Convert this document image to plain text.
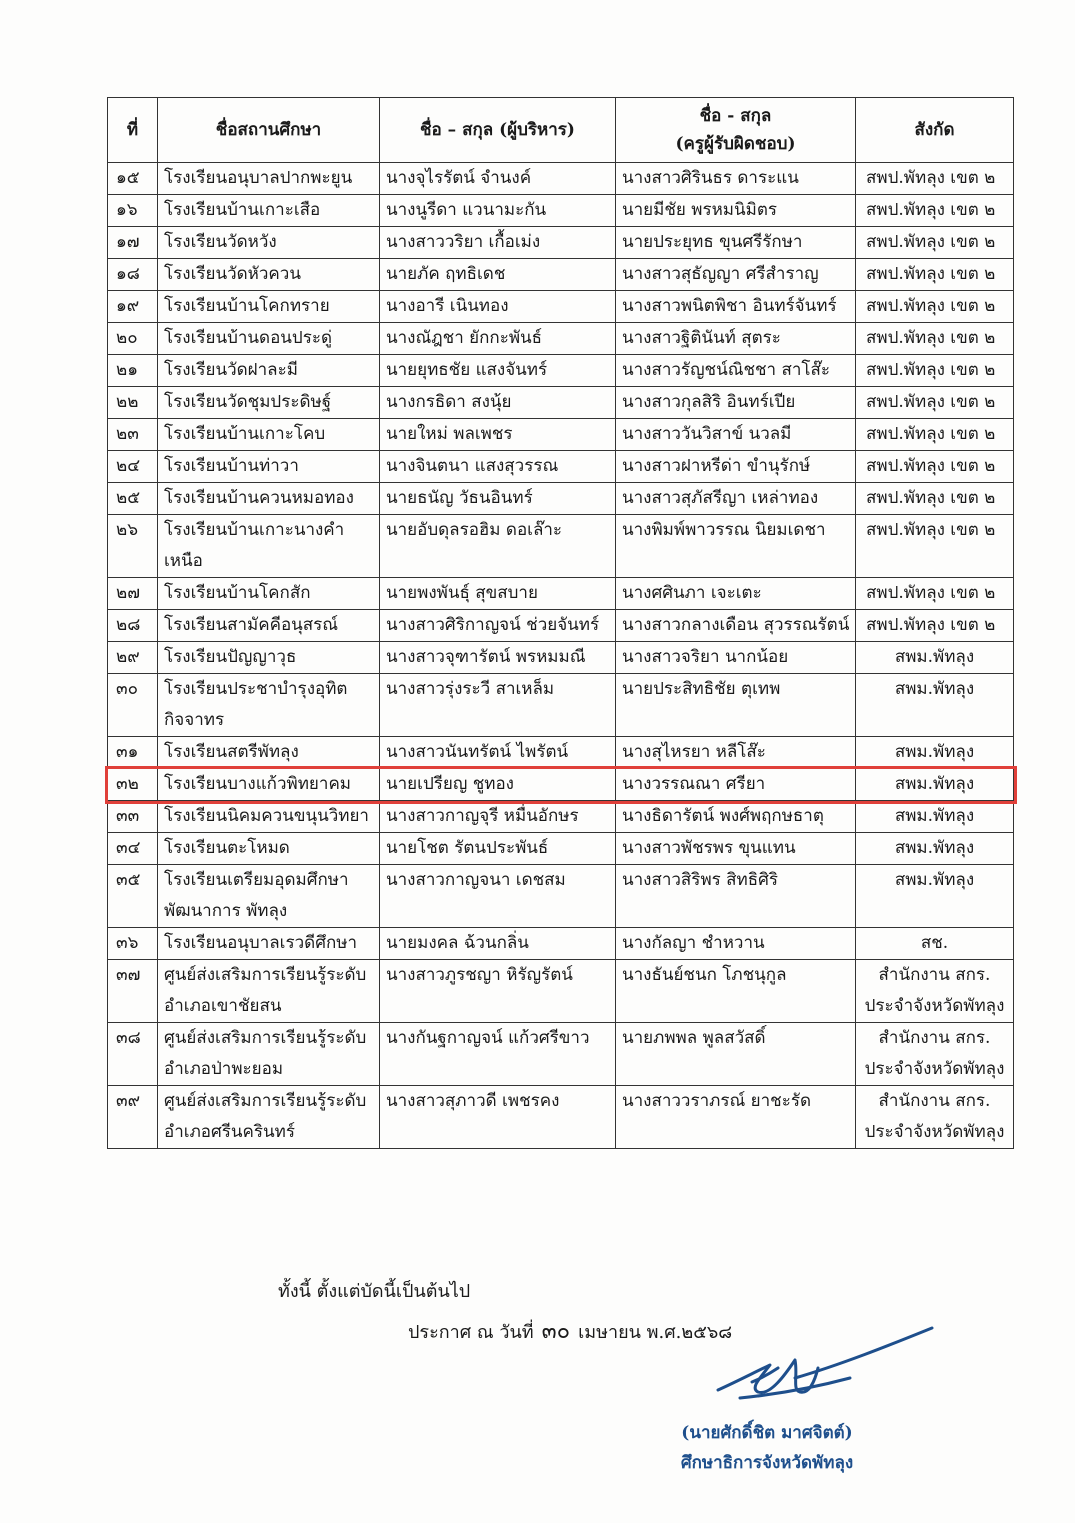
ที่	ชื่อสถานศึกษา	ชื่อ – สกุล (ผู้บริหาร)	ชื่อ - สกุล
(ครูผู้รับผิดชอบ)	สังกัด
๑๕	โรงเรียนอนุบาลปากพะยูน	นางจุไรรัตน์ จำนงค์	นางสาวศิรินธร ดาระแน	สพป.พัทลุง เขต ๒
๑๖	โรงเรียนบ้านเกาะเสือ	นางนูรีดา แวนามะกัน	นายมีชัย พรหมนิมิตร	สพป.พัทลุง เขต ๒
๑๗	โรงเรียนวัดหวัง	นางสาววริยา เกื้อเม่ง	นายประยุทธ ขุนศรีรักษา	สพป.พัทลุง เขต ๒
๑๘	โรงเรียนวัดหัวควน	นายภัค ฤทธิเดช	นางสาวสุธัญญา ศรีสำราญ	สพป.พัทลุง เขต ๒
๑๙	โรงเรียนบ้านโคกทราย	นางอารี เนินทอง	นางสาวพนิตพิชา อินทร์จันทร์	สพป.พัทลุง เขต ๒
๒๐	โรงเรียนบ้านดอนประดู่	นางณัฎชา ยักกะพันธ์	นางสาวฐิตินันท์ สุตระ	สพป.พัทลุง เขต ๒
๒๑	โรงเรียนวัดฝาละมี	นายยุทธชัย แสงจันทร์	นางสาวรัญชน์ณิชชา สาโส๊ะ	สพป.พัทลุง เขต ๒
๒๒	โรงเรียนวัดชุมประดิษฐ์	นางกรธิดา สงนุ้ย	นางสาวกุลสิริ อินทร์เปีย	สพป.พัทลุง เขต ๒
๒๓	โรงเรียนบ้านเกาะโคบ	นายใหม่ พลเพชร	นางสาววันวิสาข์ นวลมี	สพป.พัทลุง เขต ๒
๒๔	โรงเรียนบ้านท่าวา	นางจินตนา แสงสุวรรณ	นางสาวฝาหรีด่า ขำนุรักษ์	สพป.พัทลุง เขต ๒
๒๕	โรงเรียนบ้านควนหมอทอง	นายธนัญ วัธนอินทร์	นางสาวสุภัสรีญา เหล่าทอง	สพป.พัทลุง เขต ๒
๒๖	โรงเรียนบ้านเกาะนางคำเหนือ	นายอับดุลรอฮิม ดอเล๊าะ	นางพิมพ์พาวรรณ นิยมเดชา	สพป.พัทลุง เขต ๒
๒๗	โรงเรียนบ้านโคกสัก	นายพงพันธุ์ สุขสบาย	นางศศินภา เจะเตะ	สพป.พัทลุง เขต ๒
๒๘	โรงเรียนสามัคคีอนุสรณ์	นางสาวศิริกาญจน์ ช่วยจันทร์	นางสาวกลางเดือน สุวรรณรัตน์	สพป.พัทลุง เขต ๒
๒๙	โรงเรียนปัญญาวุธ	นางสาวจุฑารัตน์ พรหมมณี	นางสาวจริยา นากน้อย	สพม.พัทลุง
๓๐	โรงเรียนประชาบำรุงอุทิตกิจจาทร	นางสาวรุ่งระวี สาเหล็ม	นายประสิทธิชัย ตุเทพ	สพม.พัทลุง
๓๑	โรงเรียนสตรีพัทลุง	นางสาวนันทรัตน์ ไพรัตน์	นางสุไหรยา หลีโส๊ะ	สพม.พัทลุง
๓๒	โรงเรียนบางแก้วพิทยาคม	นายเปรียญ ชูทอง	นางวรรณณา ศรียา	สพม.พัทลุง
๓๓	โรงเรียนนิคมควนขนุนวิทยา	นางสาวกาญจุรี หมื่นอักษร	นางธิดารัตน์ พงศ์พฤกษธาตุ	สพม.พัทลุง
๓๔	โรงเรียนตะโหมด	นายโชต รัตนประพันธ์	นางสาวพัชรพร ขุนแทน	สพม.พัทลุง
๓๕	โรงเรียนเตรียมอุดมศึกษาพัฒนาการ พัทลุง	นางสาวกาญจนา เดชสม	นางสาวสิริพร สิทธิศิริ	สพม.พัทลุง
๓๖	โรงเรียนอนุบาลเรวดีศึกษา	นายมงคล ฉ้วนกลิ่น	นางกัลญา ชำหวาน	สช.
๓๗	ศูนย์ส่งเสริมการเรียนรู้ระดับอำเภอเขาชัยสน	นางสาวภูรชญา หิรัญรัตน์	นางธันย์ชนก โภชนุกูล	สำนักงาน สกร. ประจำจังหวัดพัทลุง
๓๘	ศูนย์ส่งเสริมการเรียนรู้ระดับอำเภอป่าพะยอม	นางกันฐกาญจน์ แก้วศรีขาว	นายภพพล พูลสวัสดิ์	สำนักงาน สกร. ประจำจังหวัดพัทลุง
๓๙	ศูนย์ส่งเสริมการเรียนรู้ระดับอำเภอศรีนครินทร์	นางสาวสุภาวดี เพชรคง	นางสาววราภรณ์ ยาชะรัด	สำนักงาน สกร. ประจำจังหวัดพัทลุง
ทั้งนี้ ตั้งแต่บัดนี้เป็นต้นไป
ประกาศ ณ วันที่ ๓๐ เมษายน พ.ศ.๒๕๖๘
(นายศักดิ์ชิต มาศจิตต์)
ศึกษาธิการจังหวัดพัทลุง
